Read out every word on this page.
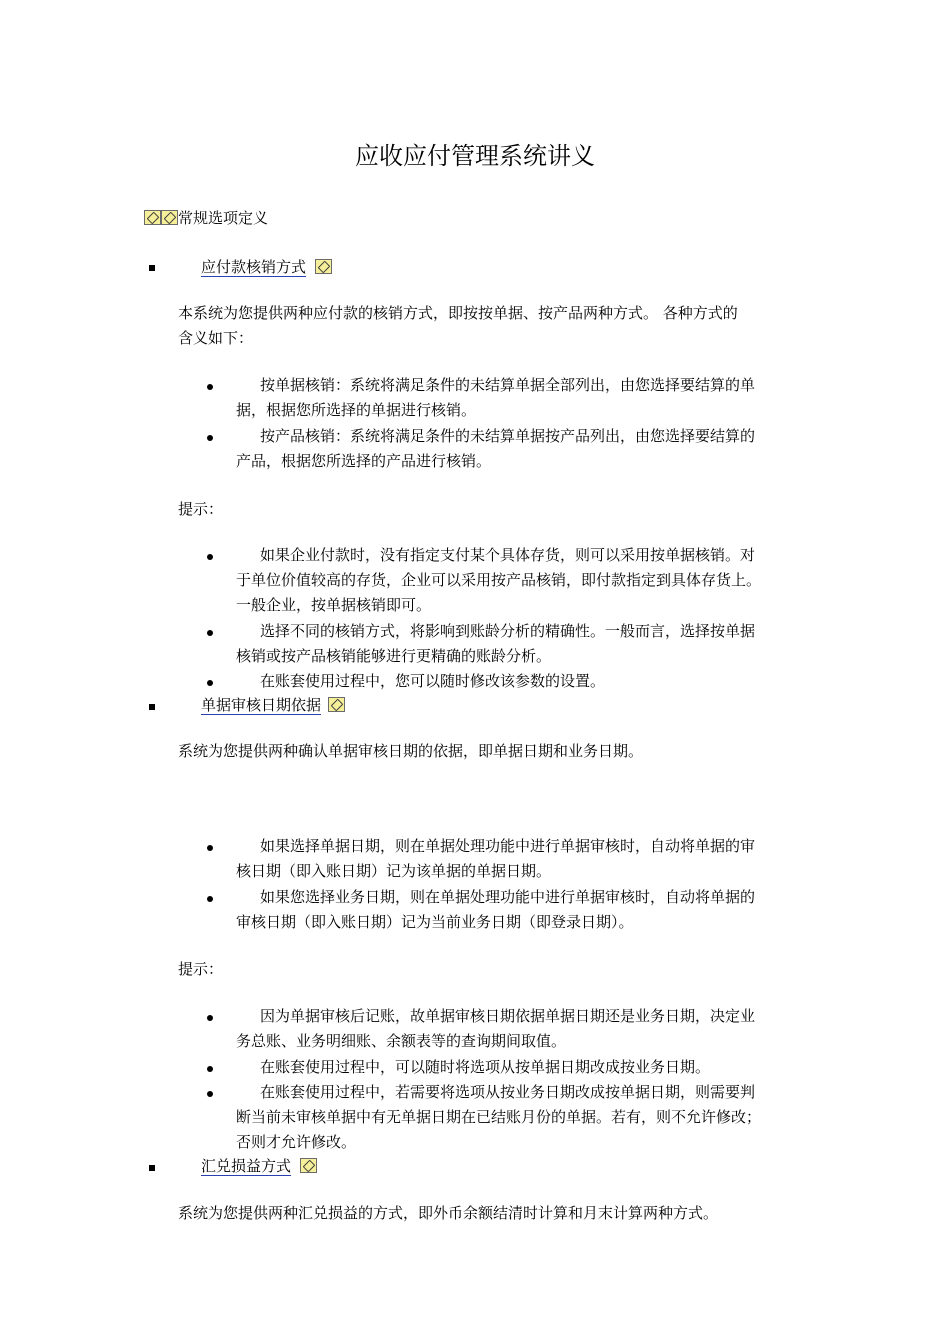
应收应付管理系统讲义
常规选项定义
应付款核销方式
本系统为您提供两种应付款的核销方式，即按按单据、按产品两种方式。 各种方式的
含义如下：
按单据核销：系统将满足条件的未结算单据全部列出，由您选择要结算的单
据，根据您所选择的单据进行核销。
按产品核销：系统将满足条件的未结算单据按产品列出，由您选择要结算的
产品，根据您所选择的产品进行核销。
提示：
如果企业付款时，没有指定支付某个具体存货，则可以采用按单据核销。对
于单位价值较高的存货，企业可以采用按产品核销，即付款指定到具体存货上。
一般企业，按单据核销即可。
选择不同的核销方式，将影响到账龄分析的精确性。一般而言，选择按单据
核销或按产品核销能够进行更精确的账龄分析。
在账套使用过程中，您可以随时修改该参数的设置。
单据审核日期依据
系统为您提供两种确认单据审核日期的依据，即单据日期和业务日期。
如果选择单据日期，则在单据处理功能中进行单据审核时，自动将单据的审
核日期（即入账日期）记为该单据的单据日期。
如果您选择业务日期，则在单据处理功能中进行单据审核时，自动将单据的
审核日期（即入账日期）记为当前业务日期（即登录日期）。
提示：
因为单据审核后记账，故单据审核日期依据单据日期还是业务日期，决定业
务总账、业务明细账、余额表等的查询期间取值。
在账套使用过程中，可以随时将选项从按单据日期改成按业务日期。
在账套使用过程中，若需要将选项从按业务日期改成按单据日期，则需要判
断当前未审核单据中有无单据日期在已结账月份的单据。若有，则不允许修改；
否则才允许修改。
汇兑损益方式
系统为您提供两种汇兑损益的方式，即外币余额结清时计算和月末计算两种方式。
